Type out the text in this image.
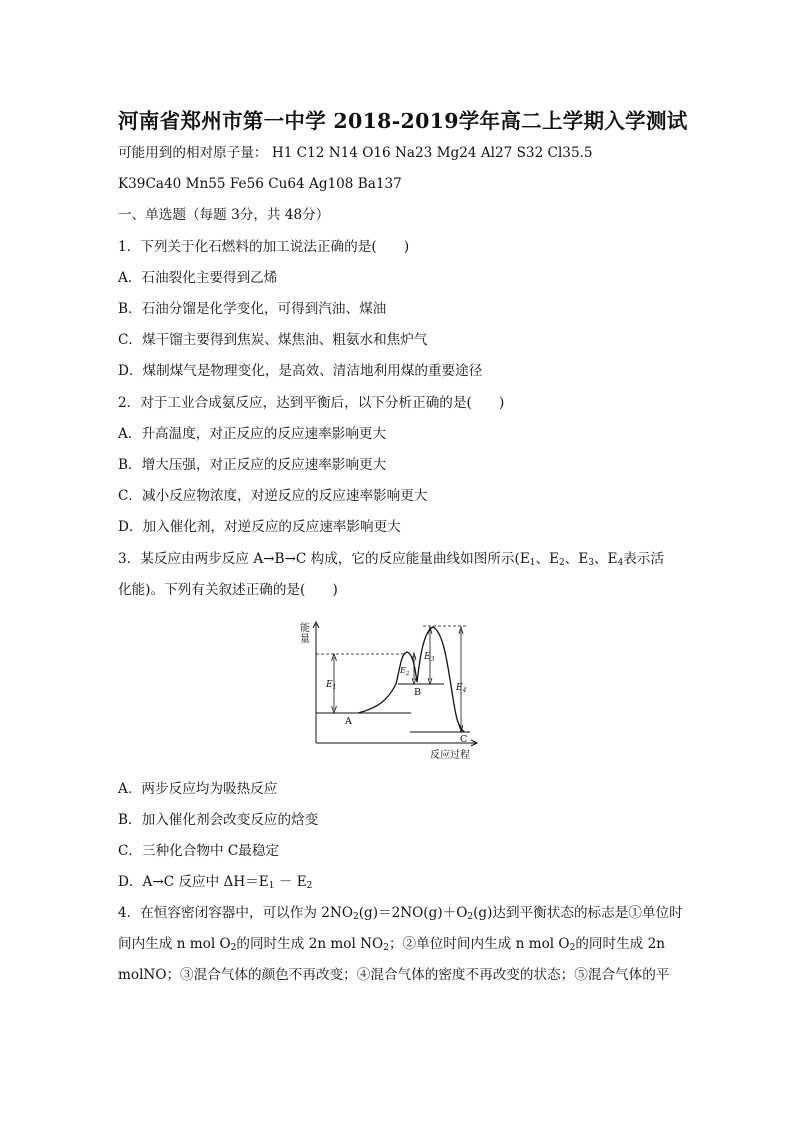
河南省郑州市第一中学 2018-2019学年高二上学期入学测试
可能用到的相对原子量： H1 C12 N14 O16 Na23 Mg24 Al27 S32 Cl35.5
K39Ca40 Mn55 Fe56 Cu64 Ag108 Ba137
一、单选题（每题 3分，共 48分）
1．下列关于化石燃料的加工说法正确的是(　　)
A．石油裂化主要得到乙烯
B．石油分馏是化学变化，可得到汽油、煤油
C．煤干馏主要得到焦炭、煤焦油、粗氨水和焦炉气
D．煤制煤气是物理变化，是高效、清洁地利用煤的重要途径
2．对于工业合成氨反应，达到平衡后，以下分析正确的是(　　)
A．升高温度，对正反应的反应速率影响更大
B．增大压强，对正反应的反应速率影响更大
C．减小反应物浓度，对逆反应的反应速率影响更大
D．加入催化剂，对逆反应的反应速率影响更大
3．某反应由两步反应 A→B→C 构成，它的反应能量曲线如图所示($E_1$、$E_2$、$E_3$、$E_4$表示活
化能)。下列有关叙述正确的是(　　)
能
量
反应过程
A
B
C
$E_1$
$E_2$
$E_3$
$E_4$
A．两步反应均为吸热反应
B．加入催化剂会改变反应的焓变
C．三种化合物中 C最稳定
D．A→C 反应中 $\Delta H=E_1 - E_2$
4．在恒容密闭容器中，可以作为 $2NO_2(g)=2NO(g)+O_2(g)$达到平衡状态的标志是①单位时
间内生成 n mol $O_2$的同时生成 2n mol $NO_2$；②单位时间内生成 n mol $O_2$的同时生成 2n
molNO；③混合气体的颜色不再改变；④混合气体的密度不再改变的状态；⑤混合气体的平
